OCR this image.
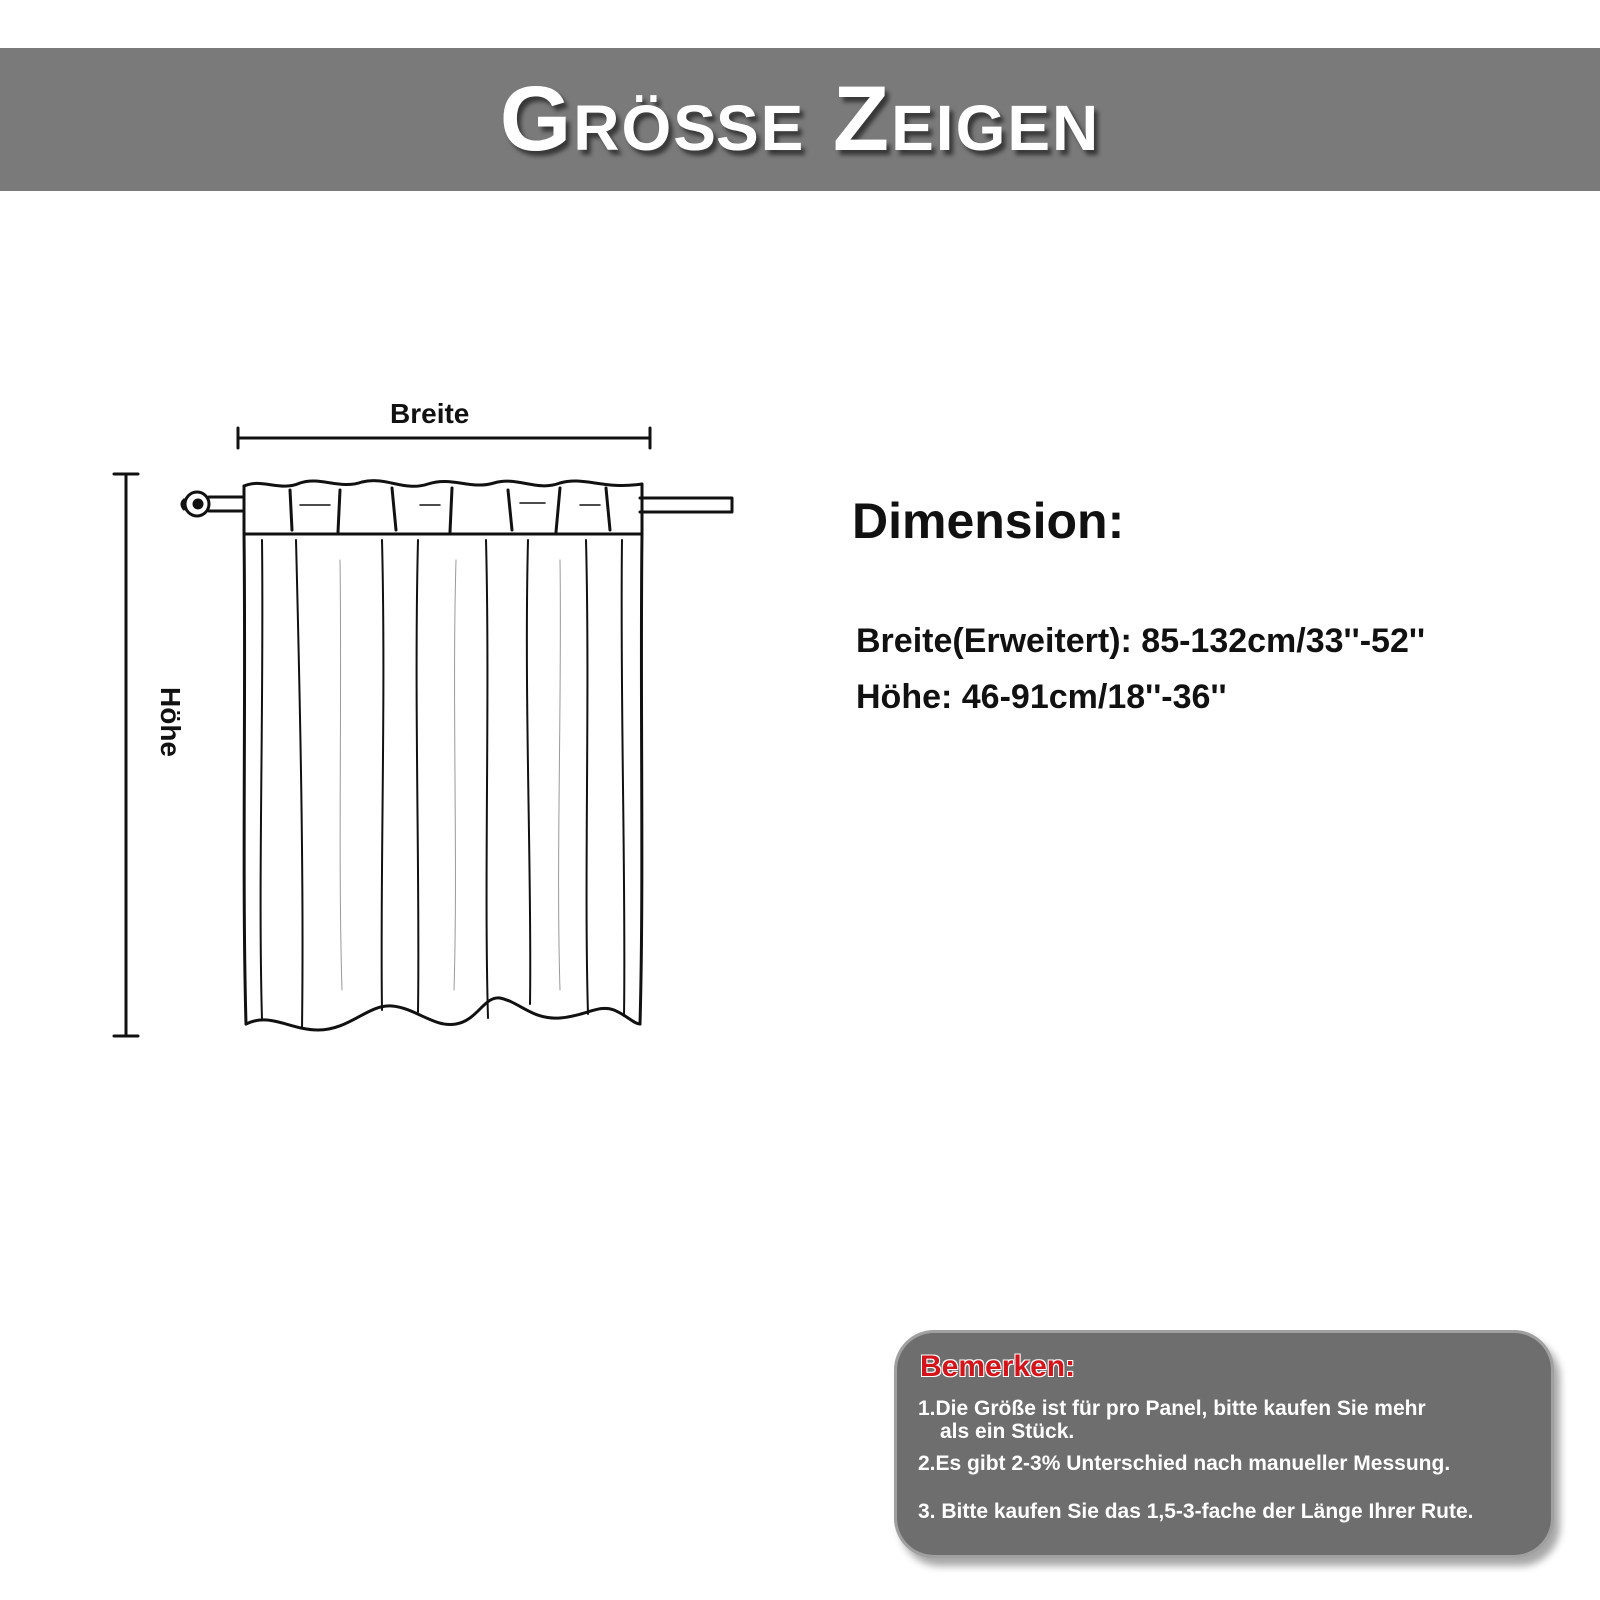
Größe Zeigen
Breite
Höhe
Dimension:
Breite(Erweitert): 85-132cm/33''-52''
Höhe: 46-91cm/18''-36''
Bemerken:
1.Die Größe ist für pro Panel, bitte kaufen Sie mehr
als ein Stück.
2.Es gibt 2-3% Unterschied nach manueller Messung.
3. Bitte kaufen Sie das 1,5-3-fache der Länge Ihrer Rute.
